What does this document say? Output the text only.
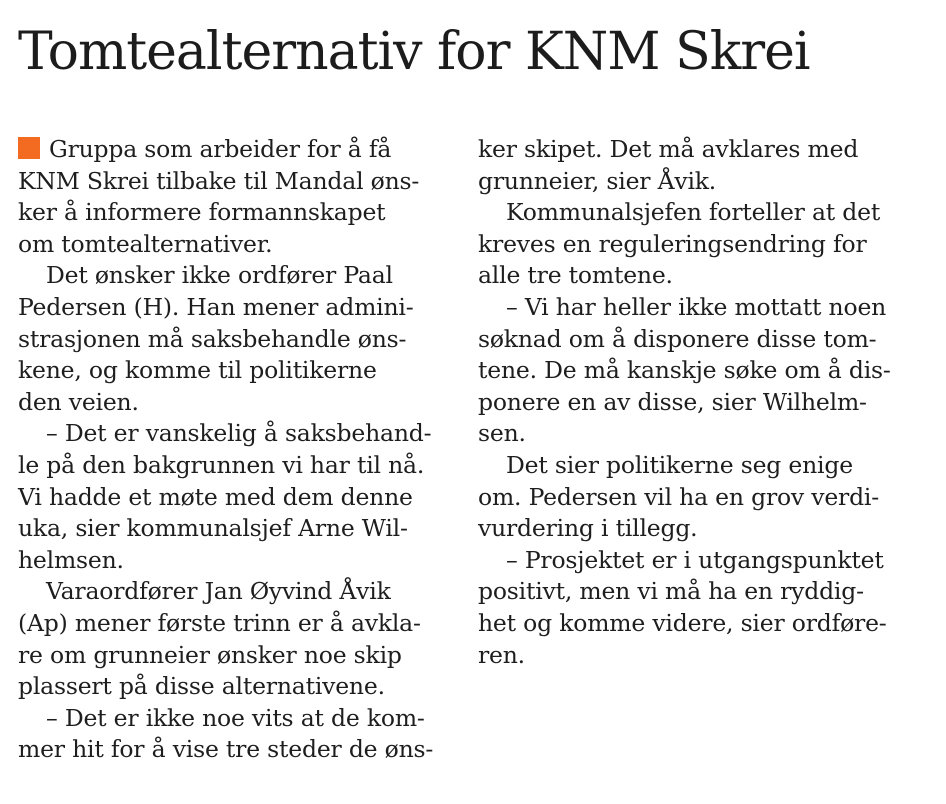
Tomtealternativ for KNM Skrei
Gruppa som arbeider for å få
KNM Skrei tilbake til Mandal øns-
ker å informere formannskapet
om tomtealternativer.
Det ønsker ikke ordfører Paal
Pedersen (H). Han mener admini-
strasjonen må saksbehandle øns-
kene, og komme til politikerne
den veien.
– Det er vanskelig å saksbehand-
le på den bakgrunnen vi har til nå.
Vi hadde et møte med dem denne
uka, sier kommunalsjef Arne Wil-
helmsen.
Varaordfører Jan Øyvind Åvik
(Ap) mener første trinn er å avkla-
re om grunneier ønsker noe skip
plassert på disse alternativene.
– Det er ikke noe vits at de kom-
mer hit for å vise tre steder de øns-
ker skipet. Det må avklares med
grunneier, sier Åvik.
Kommunalsjefen forteller at det
kreves en reguleringsendring for
alle tre tomtene.
– Vi har heller ikke mottatt noen
søknad om å disponere disse tom-
tene. De må kanskje søke om å dis-
ponere en av disse, sier Wilhelm-
sen.
Det sier politikerne seg enige
om. Pedersen vil ha en grov verdi-
vurdering i tillegg.
– Prosjektet er i utgangspunktet
positivt, men vi må ha en ryddig-
het og komme videre, sier ordføre-
ren.
